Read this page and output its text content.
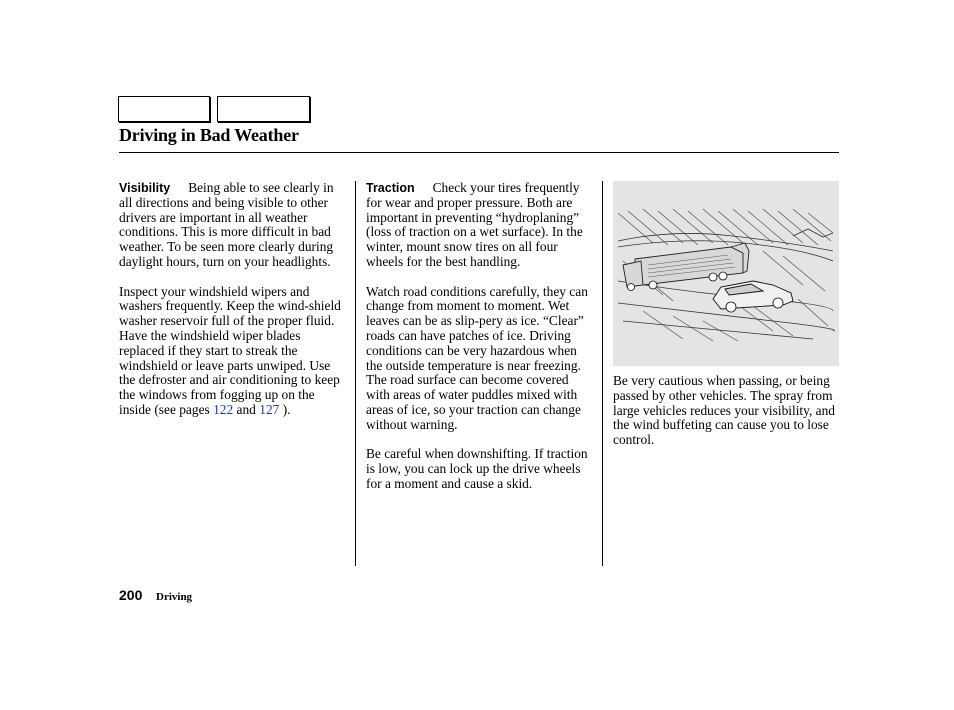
Driving in Bad Weather

Visibility Being able to see clearly in all directions and being visible to other drivers are important in all weather conditions. This is more difficult in bad weather. To be seen more clearly during daylight hours, turn on your headlights.

Inspect your windshield wipers and washers frequently. Keep the wind-shield washer reservoir full of the proper fluid. Have the windshield wiper blades replaced if they start to streak the windshield or leave parts unwiped. Use the defroster and air conditioning to keep the windows from fogging up on the inside (see pages 122 and 127 ).

Traction Check your tires frequently for wear and proper pressure. Both are important in preventing “hydroplaning” (loss of traction on a wet surface). In the winter, mount snow tires on all four wheels for the best handling.

Watch road conditions carefully, they can change from moment to moment. Wet leaves can be as slip-pery as ice. “Clear” roads can have patches of ice. Driving conditions can be very hazardous when the outside temperature is near freezing. The road surface can become covered with areas of water puddles mixed with areas of ice, so your traction can change without warning.

Be careful when downshifting. If traction is low, you can lock up the drive wheels for a moment and cause a skid.

Be very cautious when passing, or being passed by other vehicles. The spray from large vehicles reduces your visibility, and the wind buffeting can cause you to lose control.

200 Driving
